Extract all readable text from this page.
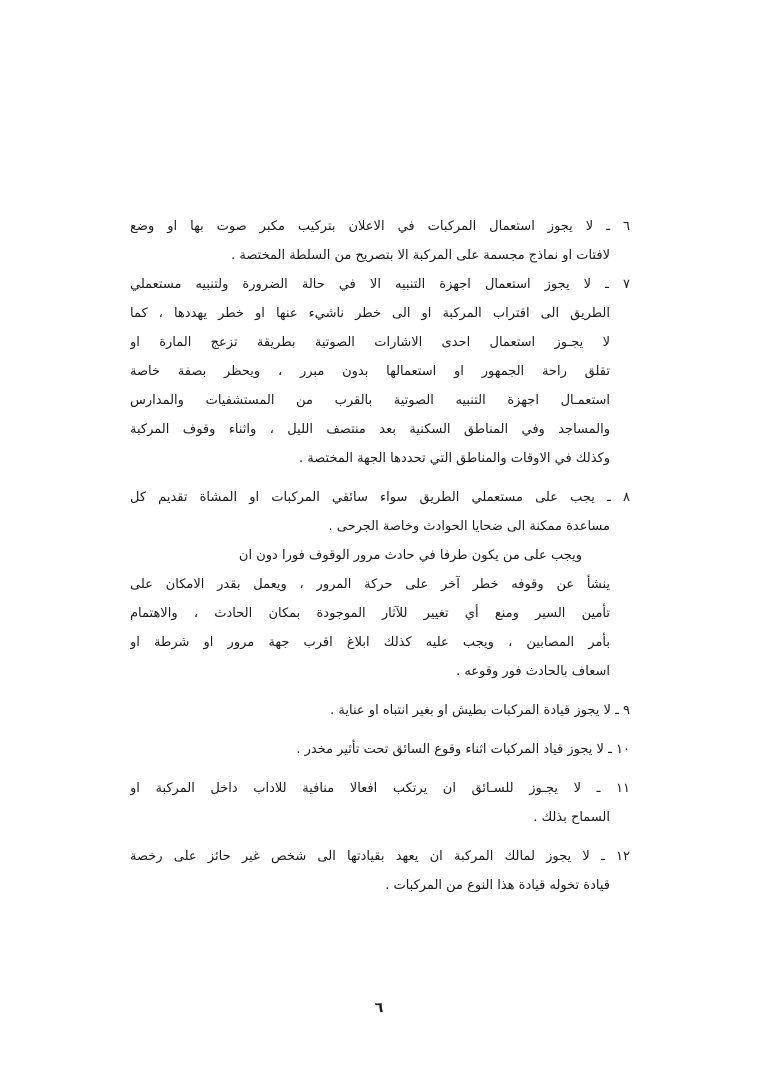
٦ ـ لا يجوز استعمال المركبات في الاعلان بتركيب مكبر صوت بها او وضع
لافتات او نماذج مجسمة على المركبة الا بتصريح من السلطة المختصة .
٧ ـ لا يجوز استعمال اجهزة التنبيه الا في حالة الضرورة ولتنبيه مستعملي
الطريق الى اقتراب المركبة او الى خطر ناشيء عنها او خطر يهددها ، كما
لا يجـوز استعمال احدى الاشارات الصوتية بطريقة تزعج المارة او
تقلق راحة الجمهور او استعمالها بدون مبرر ، ويحظر بصفة خاصة
استعمـال اجهزة التنبيه الصوتية بالقرب من المستشفيات والمدارس
والمساجد وفي المناطق السكنية بعد منتصف الليل ، واثناء وقوف المركبة
وكذلك في الاوقات والمناطق التي تحددها الجهة المختصة .
٨ ـ يجب على مستعملي الطريق سواء سائقي المركبات او المشاة تقديم كل
مساعدة ممكنة الى ضحايا الحوادث وخاصة الجرحى .
ويجب على من يكون طرفا في حادث مرور الوقوف فورا دون ان
ينشأ عن وقوفه خطر آخر على حركة المرور ، ويعمل بقدر الامكان على
تأمين السير ومنع أي تغيير للآثار الموجودة بمكان الحادث ، والاهتمام
بأمر المصابين ، ويجب عليه كذلك ابلاغ اقرب جهة مرور او شرطة او
اسعاف بالحادث فور وقوعه .
٩ ـ لا يجوز قيادة المركبات بطيش او بغير انتباه او عناية .
١٠ ـ لا يجوز قياد المركبات اثناء وقوع السائق تحت تأثير مخدر .
١١ ـ لا يجـوز للسـائق ان يرتكب افعالا منافية للاداب داخل المركبة او
السماح بذلك .
١٢ ـ لا يجوز لمالك المركبة ان يعهد بقيادتها الى شخص غير حائز على رخصة
قيادة تخوله قيادة هذا النوع من المركبات .
٦
